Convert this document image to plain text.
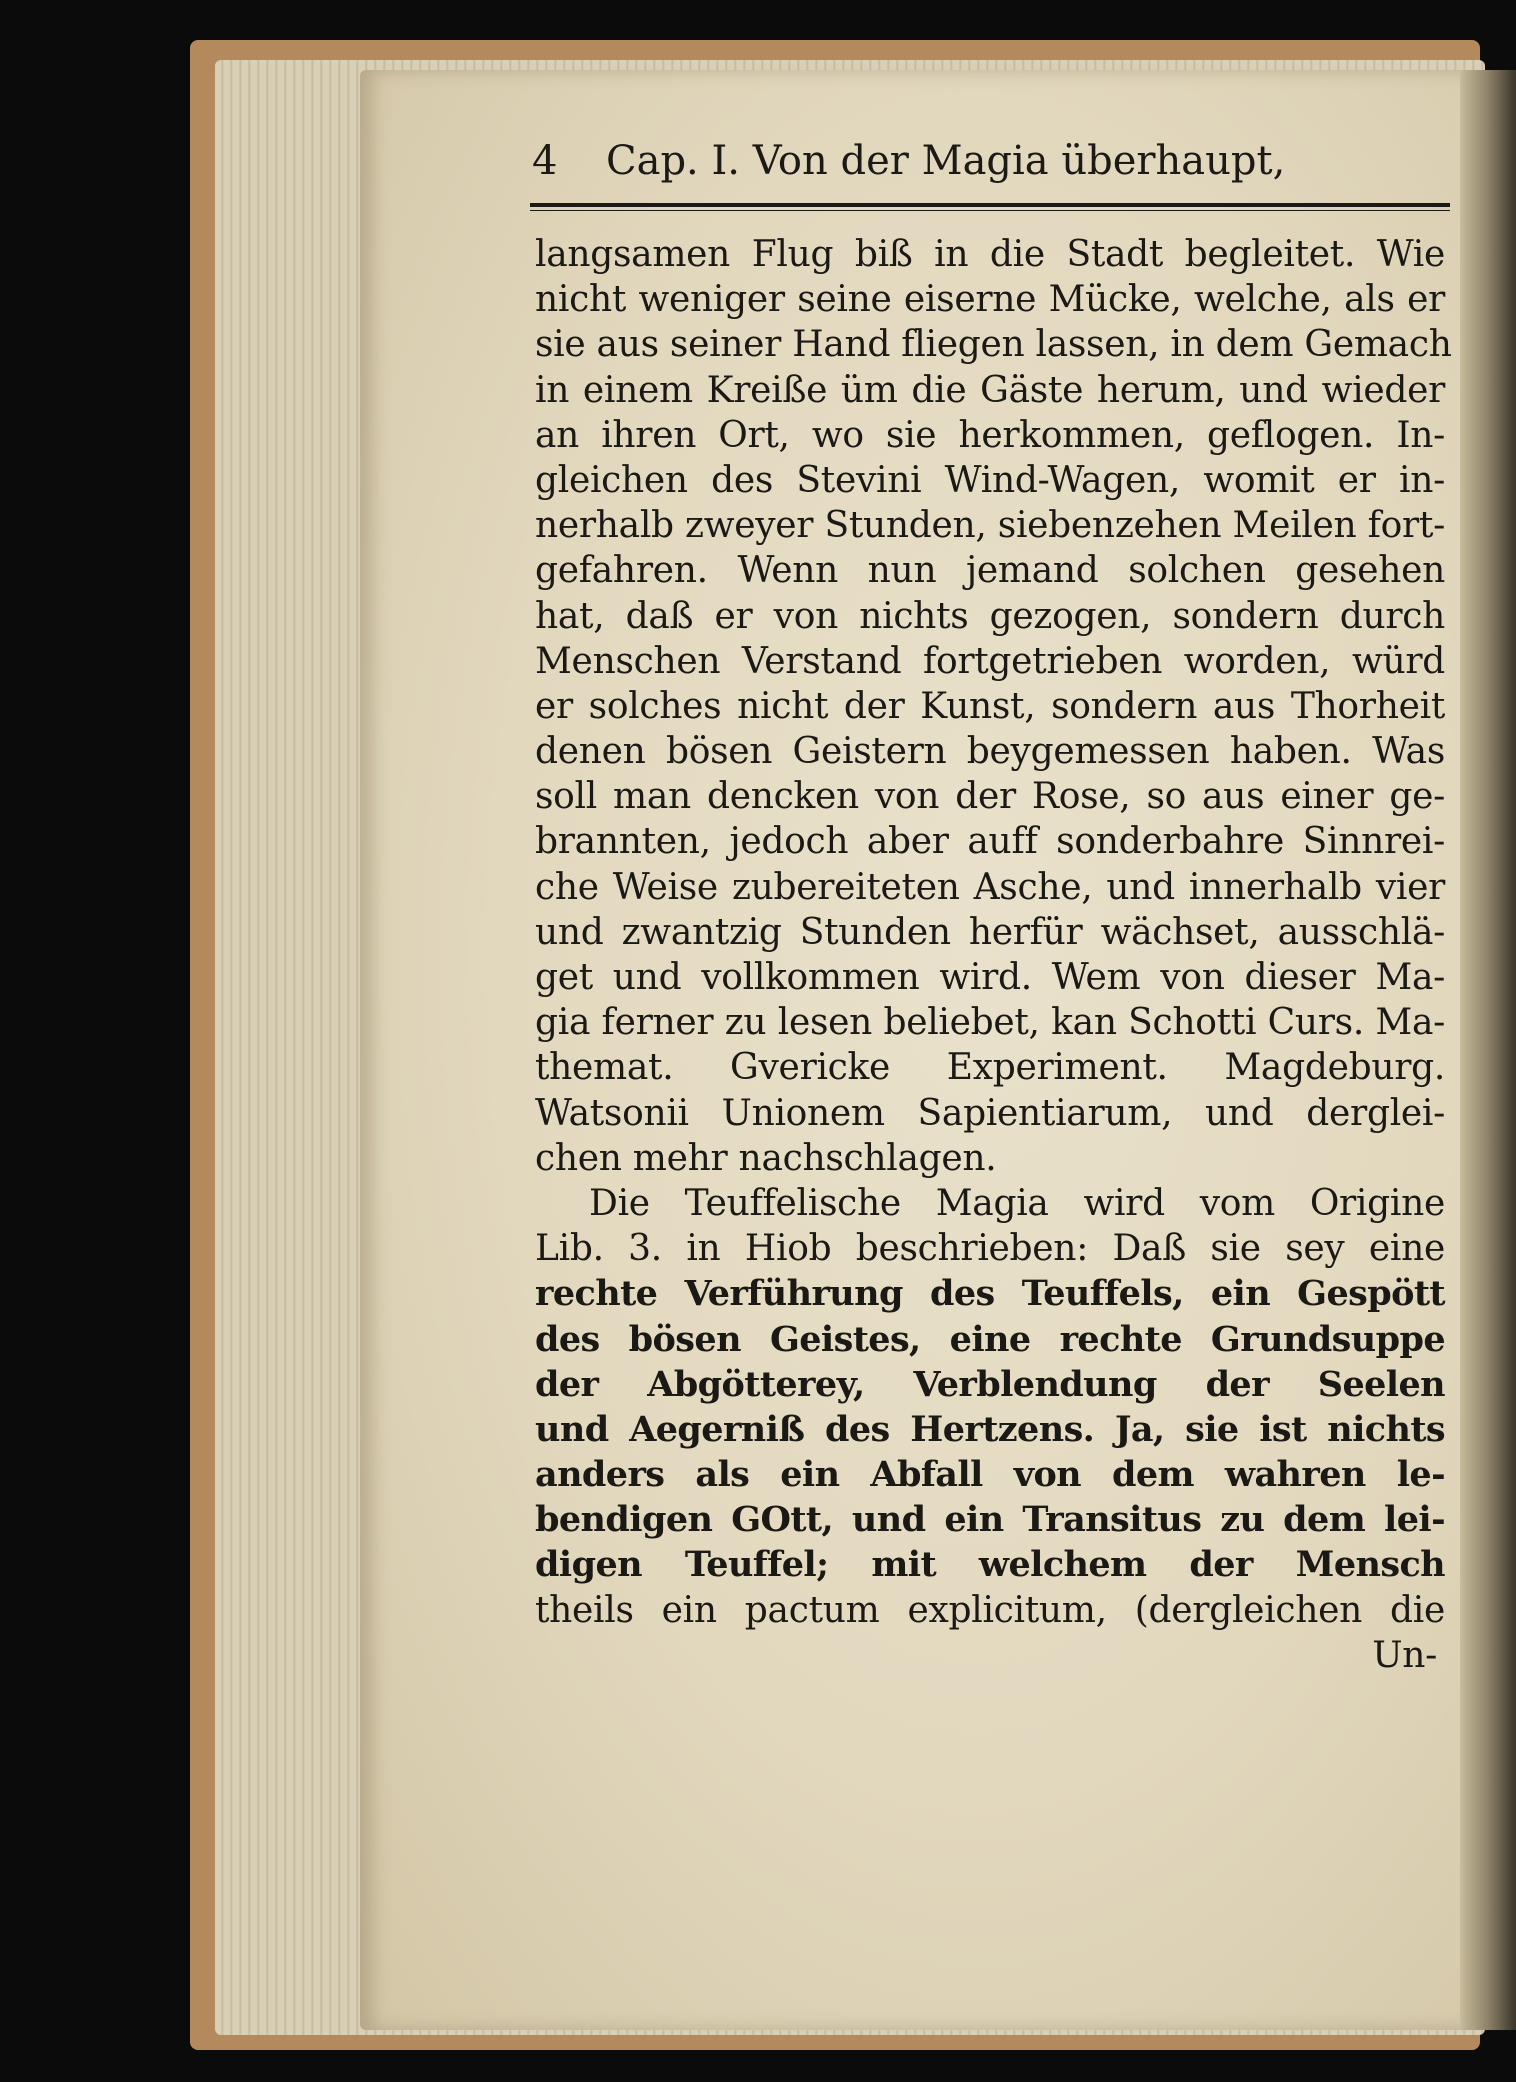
4	Cap. I. Von der Magia überhaupt,
langsamen Flug biß in die Stadt begleitet. Wie
nicht weniger seine eiserne Mücke, welche, als er
sie aus seiner Hand fliegen lassen, in dem Gemach
in einem Kreiße üm die Gäste herum, und wieder
an ihren Ort, wo sie herkommen, geflogen. In-
gleichen des Stevini Wind-Wagen, womit er in-
nerhalb zweyer Stunden, siebenzehen Meilen fort-
gefahren. Wenn nun jemand solchen gesehen
hat, daß er von nichts gezogen, sondern durch
Menschen Verstand fortgetrieben worden, würd
er solches nicht der Kunst, sondern aus Thorheit
denen bösen Geistern beygemessen haben. Was
soll man dencken von der Rose, so aus einer ge-
brannten, jedoch aber auff sonderbahre Sinnrei-
che Weise zubereiteten Asche, und innerhalb vier
und zwantzig Stunden herfür wächset, ausschlä-
get und vollkommen wird. Wem von dieser Ma-
gia ferner zu lesen beliebet, kan Schotti Curs. Ma-
themat. Gvericke Experiment. Magdeburg.
Watsonii Unionem Sapientiarum, und derglei-
chen mehr nachschlagen.
Die Teuffelische Magia wird vom Origine
Lib. 3. in Hiob beschrieben: Daß sie sey eine
rechte Verführung des Teuffels, ein Gespött
des bösen Geistes, eine rechte Grundsuppe
der Abgötterey, Verblendung der Seelen
und Aegerniß des Hertzens. Ja, sie ist nichts
anders als ein Abfall von dem wahren le-
bendigen GOtt, und ein Transitus zu dem lei-
digen Teuffel; mit welchem der Mensch
theils ein pactum explicitum, (dergleichen die
Un-
